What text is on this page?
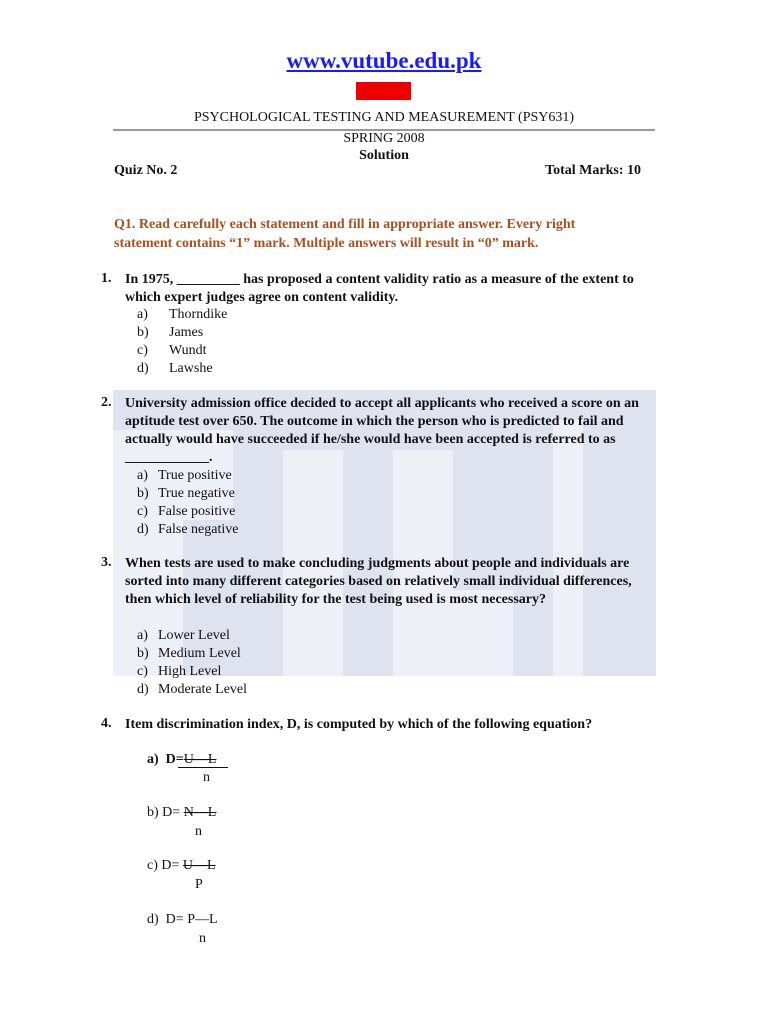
www.vutube.edu.pk
PSYCHOLOGICAL TESTING AND MEASUREMENT (PSY631)
SPRING 2008
Solution
Quiz No. 2	Total Marks: 10
Q1. Read carefully each statement and fill in appropriate answer. Every right statement contains “1” mark. Multiple answers will result in “0” mark.
1. In 1975, _________ has proposed a content validity ratio as a measure of the extent to which expert judges agree on content validity.
a) Thorndike
b) James
c) Wundt
d) Lawshe
2. University admission office decided to accept all applicants who received a score on an aptitude test over 650. The outcome in which the person who is predicted to fail and actually would have succeeded if he/she would have been accepted is referred to as ____________.
a) True positive
b) True negative
c) False positive
d) False negative
3. When tests are used to make concluding judgments about people and individuals are sorted into many different categories based on relatively small individual differences, then which level of reliability for the test being used is most necessary?
a) Lower Level
b) Medium Level
c) High Level
d) Moderate Level
4. Item discrimination index, D, is computed by which of the following equation?
a) D=U—L
n
b) D= N—L
n
c) D= U—L
P
d) D= P—L
n
